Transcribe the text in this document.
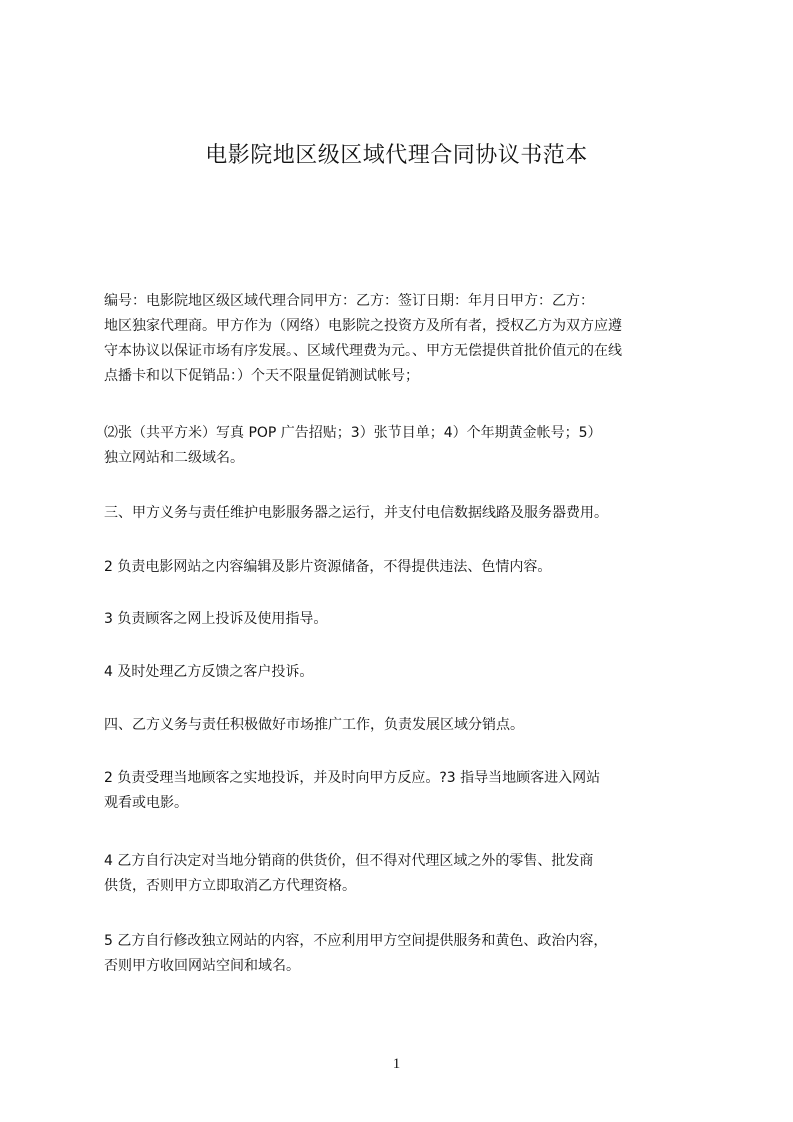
电影院地区级区域代理合同协议书范本

编号：电影院地区级区域代理合同甲方：乙方：签订日期：年月日甲方：乙方：
地区独家代理商。甲方作为（网络）电影院之投资方及所有者，授权乙方为双方应遵
守本协议以保证市场有序发展。、区域代理费为元。、甲方无偿提供首批价值元的在线
点播卡和以下促销品：）个天不限量促销测试帐号；

⑵张（共平方米）写真 POP 广告招贴；3）张节目单；4）个年期黄金帐号；5）
独立网站和二级域名。

三、甲方义务与责任维护电影服务器之运行，并支付电信数据线路及服务器费用。

2 负责电影网站之内容编辑及影片资源储备，不得提供违法、色情内容。

3 负责顾客之网上投诉及使用指导。

4 及时处理乙方反馈之客户投诉。

四、乙方义务与责任积极做好市场推广工作，负责发展区域分销点。

2 负责受理当地顾客之实地投诉，并及时向甲方反应。?3 指导当地顾客进入网站
观看或电影。

4 乙方自行决定对当地分销商的供货价，但不得对代理区域之外的零售、批发商
供货，否则甲方立即取消乙方代理资格。

5 乙方自行修改独立网站的内容，不应利用甲方空间提供服务和黄色、政治内容，
否则甲方收回网站空间和域名。

1
